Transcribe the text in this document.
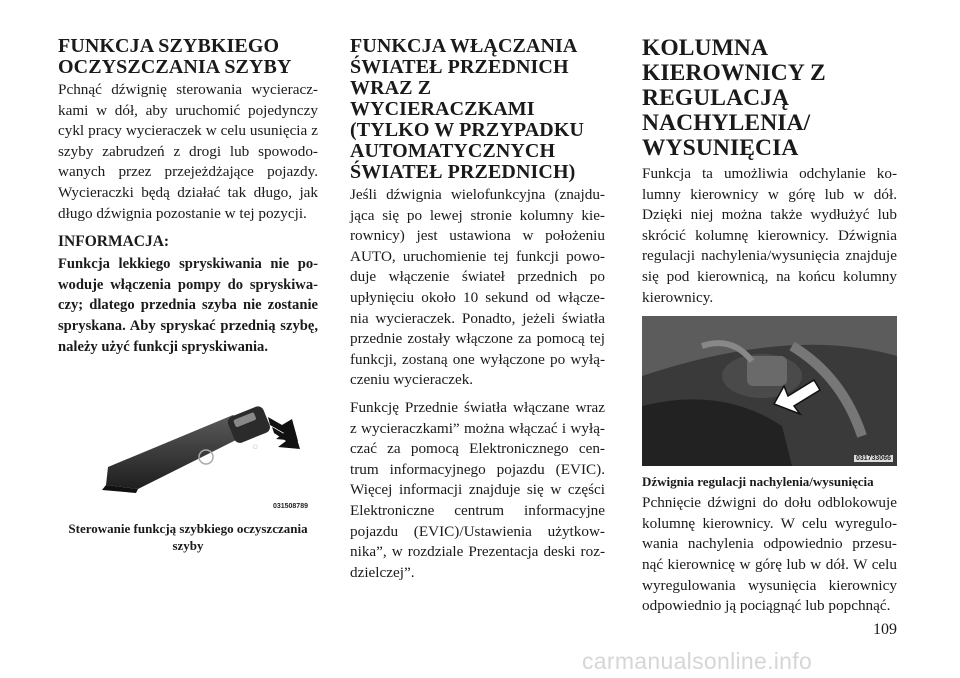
FUNKCJA SZYBKIEGO OCZYSZCZANIA SZYBY

Pchnąć dźwignię sterowania wycieracz-kami w dół, aby uruchomić pojedynczy cykl pracy wycieraczek w celu usunięcia z szyby zabrudzeń z drogi lub spowodo-wanych przez przejeżdżające pojazdy. Wycieraczki będą działać tak długo, jak długo dźwignia pozostanie w tej pozycji.

INFORMACJA:

Funkcja lekkiego spryskiwania nie po-woduje włączenia pompy do spryskiwa-czy; dlatego przednia szyba nie zostanie spryskana. Aby spryskać przednią szybę, należy użyć funkcji spryskiwania.

O
031508789
Sterowanie funkcją szybkiego oczyszczania szyby
FUNKCJA WŁĄCZANIA ŚWIATEŁ PRZEDNICH WRAZ Z WYCIERACZKAMI (TYLKO W PRZYPADKU AUTOMATYCZNYCH ŚWIATEŁ PRZEDNICH)

Jeśli dźwignia wielofunkcyjna (znajdu-jąca się po lewej stronie kolumny kie-rownicy) jest ustawiona w położeniu AUTO, uruchomienie tej funkcji powo-duje włączenie świateł przednich po upłynięciu około 10 sekund od włącze-nia wycieraczek. Ponadto, jeżeli światła przednie zostały włączone za pomocą tej funkcji, zostaną one wyłączone po wyłą-czeniu wycieraczek.

Funkcję Przednie światła włączane wraz z wycieraczkami” można włączać i wyłą-czać za pomocą Elektronicznego cen-trum informacyjnego pojazdu (EVIC). Więcej informacji znajduje się w części Elektroniczne centrum informacyjne pojazdu (EVIC)/Ustawienia użytkow-nika”, w rozdziale Prezentacja deski roz-dzielczej”.

KOLUMNA KIEROWNICY Z REGULACJĄ NACHYLENIA/ WYSUNIĘCIA

Funkcja ta umożliwia odchylanie ko-lumny kierownicy w górę lub w dół. Dzięki niej można także wydłużyć lub skrócić kolumnę kierownicy. Dźwignia regulacji nachylenia/wysunięcia znajduje się pod kierownicą, na końcu kolumny kierownicy.

031733066
Dźwignia regulacji nachylenia/wysunięcia

Pchnięcie dźwigni do dołu odblokowuje kolumnę kierownicy. W celu wyregulo-wania nachylenia odpowiednio przesu-nąć kierownicę w górę lub w dół. W celu wyregulowania wysunięcia kierownicy odpowiednio ją pociągnąć lub popchnąć.

109
carmanualsonline.info
